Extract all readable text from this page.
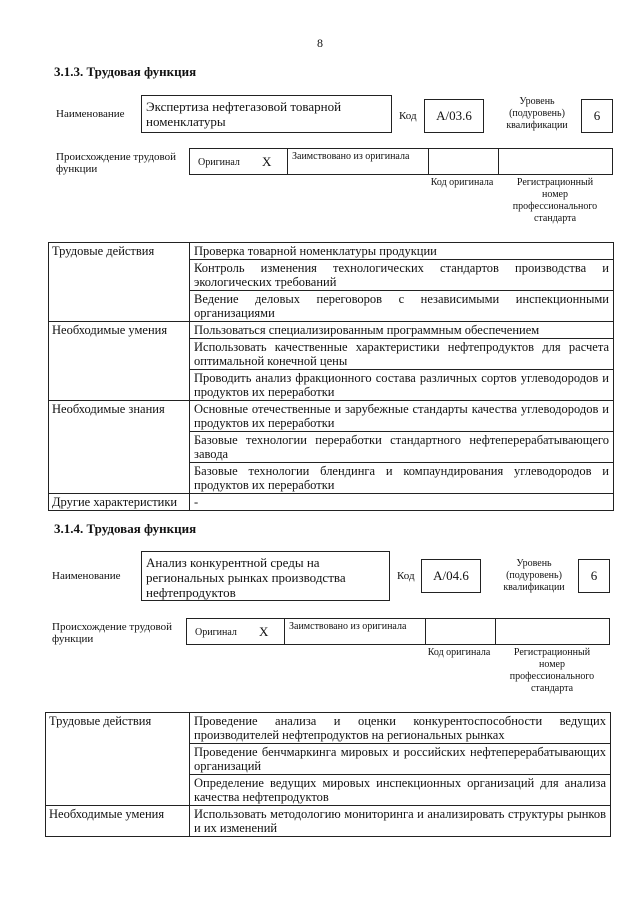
8
3.1.3. Трудовая функция
Наименование	Экспертиза нефтегазовой товарной номенклатуры	Код	А/03.6
Уровень (подуровень) квалификации
6
Происхождение трудовой функции
Оригинал X Заимствовано из оригинала
Код оригинала	Регистрационный номер профессионального стандарта
Трудовые действия	Проверка товарной номенклатуры продукции
	Контроль изменения технологических стандартов производства и экологических требований
	Ведение деловых переговоров с независимыми инспекционными организациями
Необходимые умения	Пользоваться специализированным программным обеспечением
	Использовать качественные характеристики нефтепродуктов для расчета оптимальной конечной цены
	Проводить анализ фракционного состава различных сортов углеводородов и продуктов их переработки
Необходимые знания	Основные отечественные и зарубежные стандарты качества углеводородов и продуктов их переработки
	Базовые технологии переработки стандартного нефтеперерабатывающего завода
	Базовые технологии блендинга и компаундирования углеводородов и продуктов их переработки
Другие характеристики	-
3.1.4. Трудовая функция
Наименование
Анализ конкурентной среды на региональных рынках производства нефтепродуктов
Код	А/04.6
Уровень (подуровень) квалификации
6
Происхождение трудовой функции
Оригинал X Заимствовано из оригинала
Код оригинала	Регистрационный номер профессионального стандарта
Трудовые действия	Проведение анализа и оценки конкурентоспособности ведущих производителей нефтепродуктов на региональных рынках
	Проведение бенчмаркинга мировых и российских нефтеперерабатывающих организаций
	Определение ведущих мировых инспекционных организаций для анализа качества нефтепродуктов
Необходимые умения	Использовать методологию мониторинга и анализировать структуры рынков и их изменений
